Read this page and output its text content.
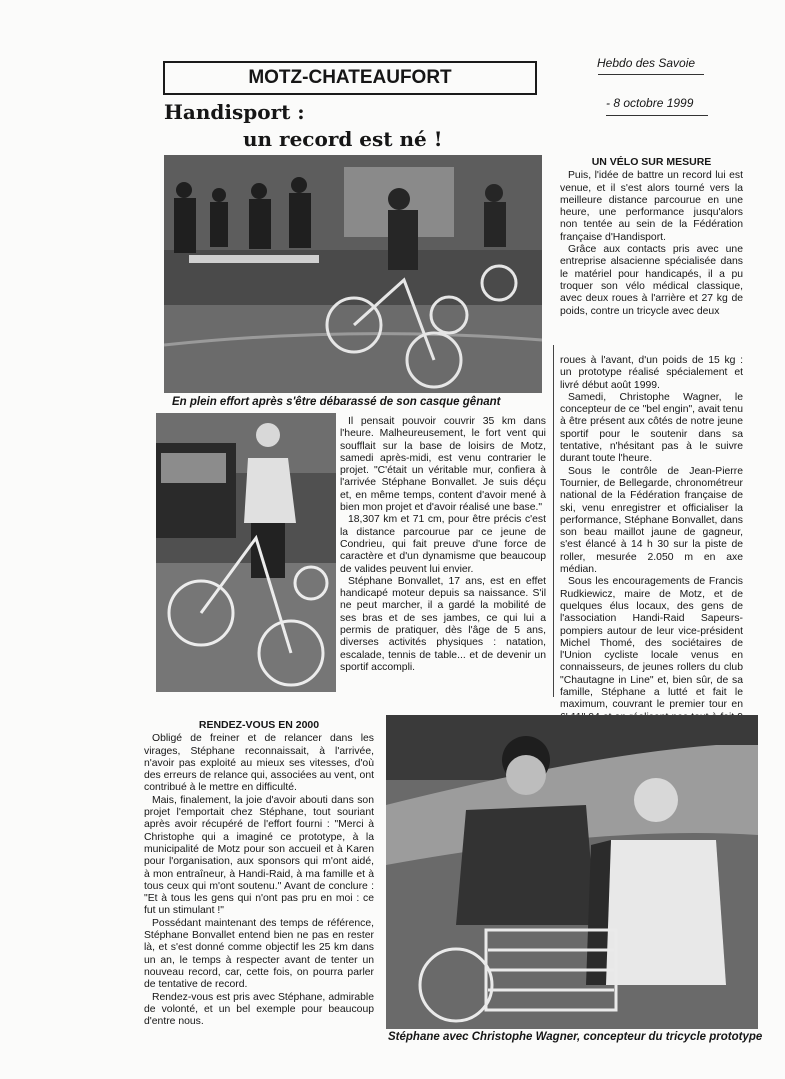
MOTZ-CHATEAUFORT
Hebdo des Savoie
- 8 octobre 1999
Handisport :
un record est né !
En plein effort après s'être débarassé de son casque gênant

Il pensait pouvoir couvrir 35 km dans l'heure. Malheureusement, le fort vent qui soufflait sur la base de loisirs de Motz, samedi après-midi, est venu contrarier le projet. "C'était un véritable mur, confiera à l'arrivée Stéphane Bonvallet. Je suis déçu et, en même temps, content d'avoir mené à bien mon projet et d'avoir réalisé une base."

18,307 km et 71 cm, pour être précis c'est la distance parcourue par ce jeune de Condrieu, qui fait preuve d'une force de caractère et d'un dynamisme que beaucoup de valides peuvent lui envier.

Stéphane Bonvallet, 17 ans, est en effet handicapé moteur depuis sa naissance. S'il ne peut marcher, il a gardé la mobilité de ses bras et de ses jambes, ce qui lui a permis de pratiquer, dès l'âge de 5 ans, diverses activités physiques : natation, escalade, tennis de table... et de devenir un sportif accompli.

UN VÉLO SUR MESURE

Puis, l'idée de battre un record lui est venue, et il s'est alors tourné vers la meilleure distance parcourue en une heure, une performance jusqu'alors non tentée au sein de la Fédération française d'Handisport.

Grâce aux contacts pris avec une entreprise alsacienne spécialisée dans le matériel pour handicapés, il a pu troquer son vélo médical classique, avec deux roues à l'arrière et 27 kg de poids, contre un tricycle avec deux

roues à l'avant, d'un poids de 15 kg : un prototype réalisé spécialement et livré début août 1999.

Samedi, Christophe Wagner, le concepteur de ce "bel engin", avait tenu à être présent aux côtés de notre jeune sportif pour le soutenir dans sa tentative, n'hésitant pas à le suivre durant toute l'heure.

Sous le contrôle de Jean-Pierre Tournier, de Bellegarde, chronométreur national de la Fédération française de ski, venu enregistrer et officialiser la performance, Stéphane Bonvallet, dans son beau maillot jaune de gagneur, s'est élancé à 14 h 30 sur la piste de roller, mesurée 2.050 m en axe médian.

Sous les encouragements de Francis Rudkiewicz, maire de Motz, et de quelques élus locaux, des gens de l'association Handi-Raid Sapeurs-pompiers autour de leur vice-président Michel Thomé, des sociétaires de l'Union cycliste locale venus en connaisseurs, de jeunes rollers du club "Chautagne in Line" et, bien sûr, de sa famille, Stéphane a lutté et fait le maximum, couvrant le premier tour en

RENDEZ-VOUS EN 2000

Obligé de freiner et de relancer dans les virages, Stéphane reconnaissait, à l'arrivée, n'avoir pas exploité au mieux ses vitesses, d'où des erreurs de relance qui, associées au vent, ont contribué à le mettre en difficulté.

Mais, finalement, la joie d'avoir abouti dans son projet l'emportait chez Stéphane, tout souriant après avoir récupéré de l'effort fourni : "Merci à Christophe qui a imaginé ce prototype, à la municipalité de Motz pour son accueil et à Karen pour l'organisation, aux sponsors qui m'ont aidé, à mon entraîneur, à Handi-Raid, à ma famille et à tous ceux qui m'ont soutenu." Avant de conclure : "Et à tous les gens qui n'ont pas pru en moi : ce fut un stimulant !"

Possédant maintenant des temps de référence, Stéphane Bonvallet entend bien ne pas en rester là, et s'est donné comme objectif les 25 km dans un an, le temps à respecter avant de tenter un nouveau record, car, cette fois, on pourra parler de tentative de record.

Rendez-vous est pris avec Stéphane, admirable de volonté, et un bel exemple pour beaucoup d'entre nous.

Stéphane avec Christophe Wagner, concepteur du tricycle prototype
